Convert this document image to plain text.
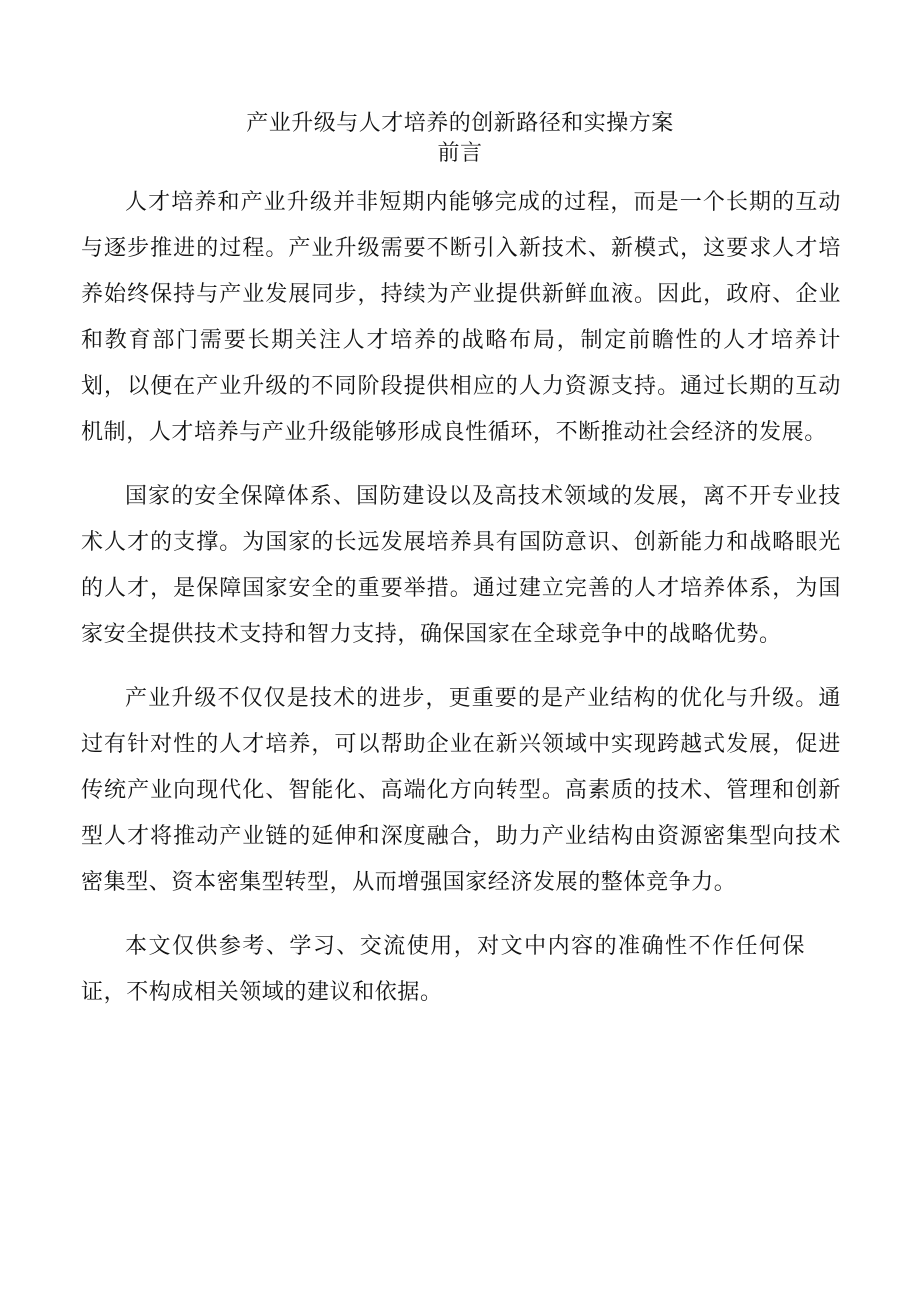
产业升级与人才培养的创新路径和实操方案
前言

人才培养和产业升级并非短期内能够完成的过程，而是一个长期的互动与逐步推进的过程。产业升级需要不断引入新技术、新模式，这要求人才培养始终保持与产业发展同步，持续为产业提供新鲜血液。因此，政府、企业和教育部门需要长期关注人才培养的战略布局，制定前瞻性的人才培养计划，以便在产业升级的不同阶段提供相应的人力资源支持。通过长期的互动机制，人才培养与产业升级能够形成良性循环，不断推动社会经济的发展。

国家的安全保障体系、国防建设以及高技术领域的发展，离不开专业技术人才的支撑。为国家的长远发展培养具有国防意识、创新能力和战略眼光的人才，是保障国家安全的重要举措。通过建立完善的人才培养体系，为国家安全提供技术支持和智力支持，确保国家在全球竞争中的战略优势。

产业升级不仅仅是技术的进步，更重要的是产业结构的优化与升级。通过有针对性的人才培养，可以帮助企业在新兴领域中实现跨越式发展，促进传统产业向现代化、智能化、高端化方向转型。高素质的技术、管理和创新型人才将推动产业链的延伸和深度融合，助力产业结构由资源密集型向技术密集型、资本密集型转型，从而增强国家经济发展的整体竞争力。

本文仅供参考、学习、交流使用，对文中内容的准确性不作任何保证，不构成相关领域的建议和依据。
